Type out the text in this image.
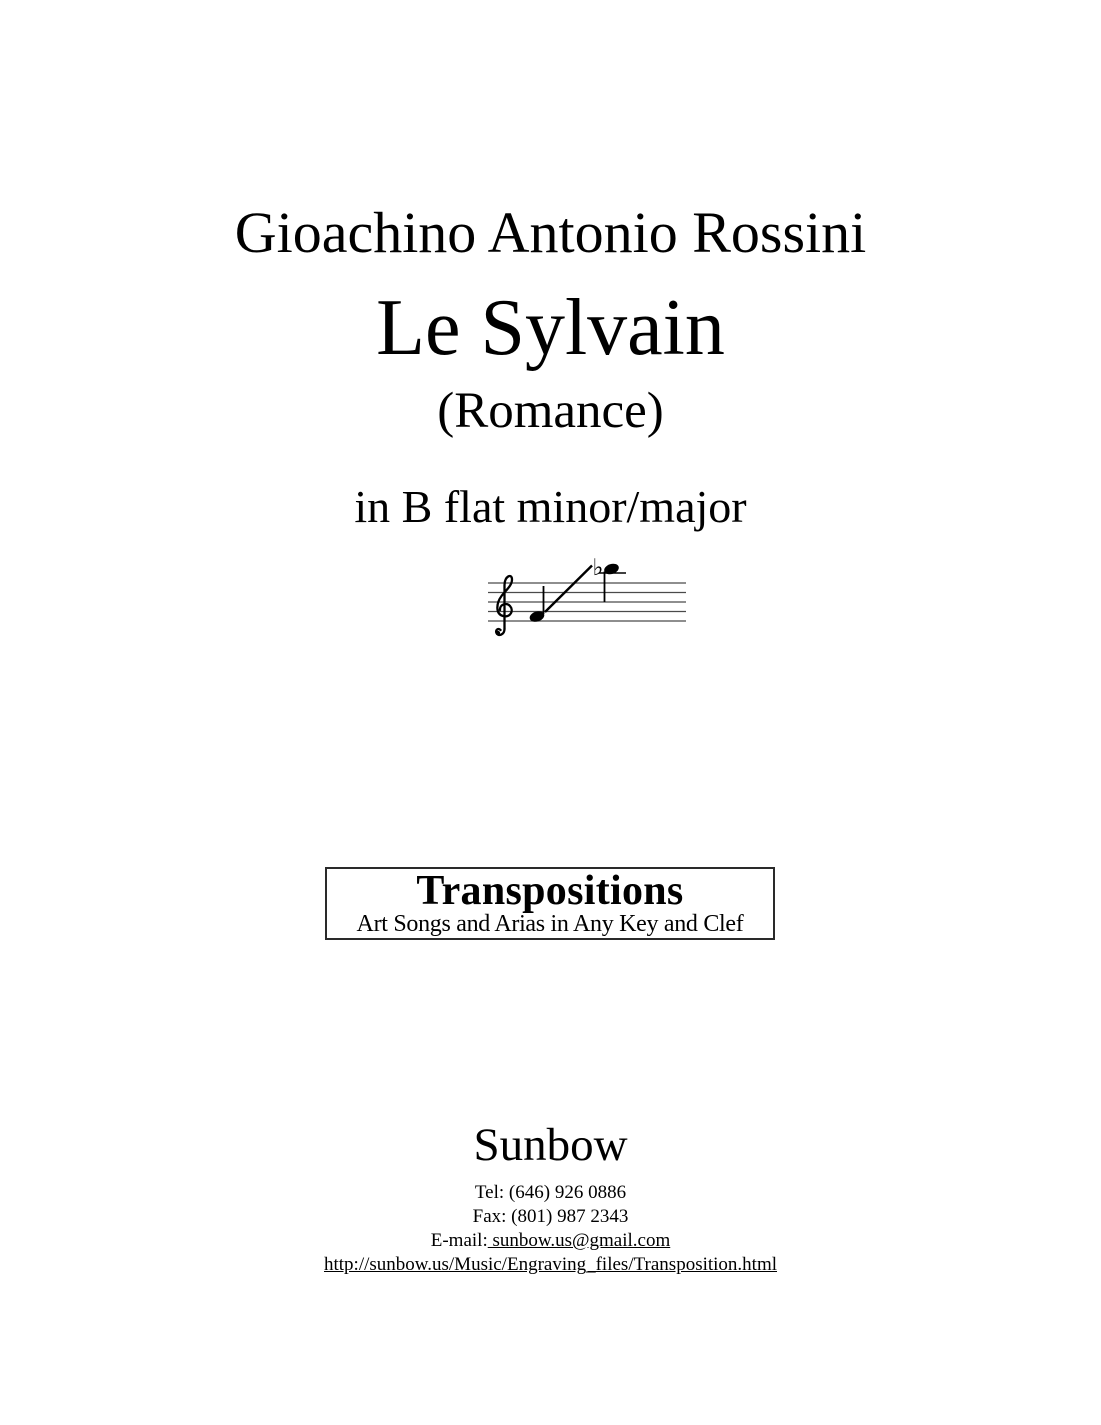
Gioachino Antonio Rossini
Le Sylvain
(Romance)
in B flat minor/major
♭
Transpositions
Art Songs and Arias in Any Key and Clef
Sunbow
Tel: (646) 926 0886
Fax: (801) 987 2343
E-mail: sunbow.us@gmail.com
http://sunbow.us/Music/Engraving_files/Transposition.html
